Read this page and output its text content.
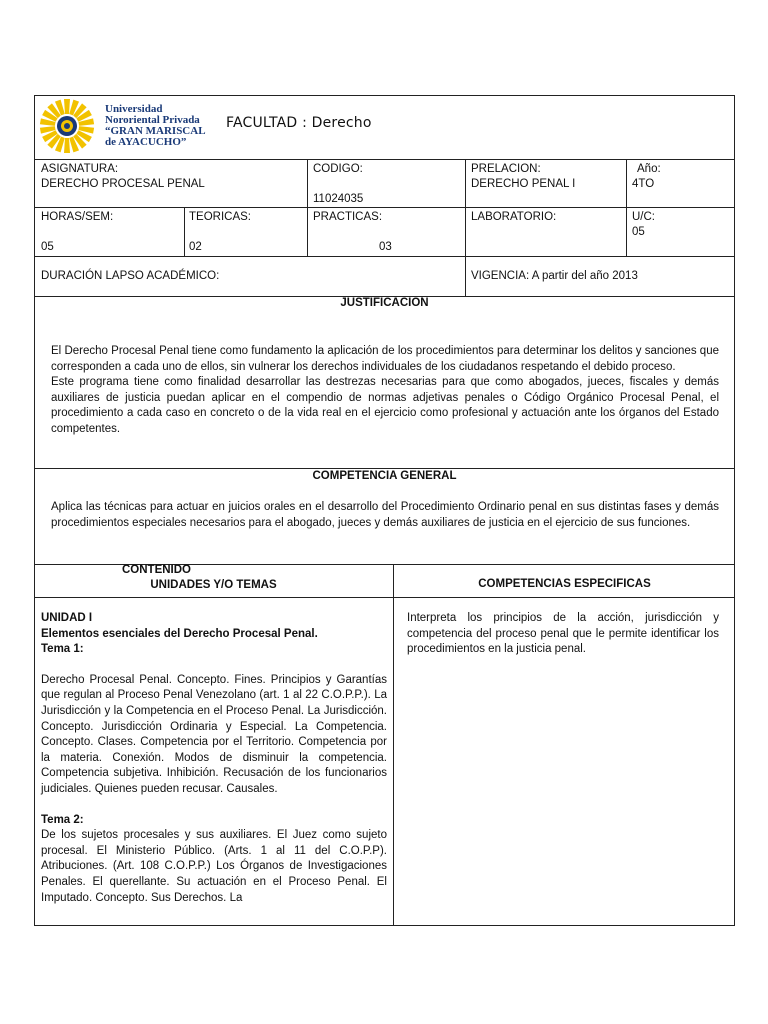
Universidad
Nororiental Privada
“GRAN MARISCAL
de AYACUCHO”
FACULTAD : Derecho
ASIGNATURA:
DERECHO PROCESAL PENAL
CODIGO:
11024035
PRELACION:
DERECHO PENAL I
Año:
4TO
HORAS/SEM:
05
TEORICAS:
02
PRACTICAS:
03
LABORATORIO:	U/C:
05
DURACIÓN LAPSO ACADÉMICO:	VIGENCIA: A partir del año 2013
JUSTIFICACION
El Derecho Procesal Penal tiene como fundamento la aplicación de los procedimientos para determinar los delitos y sanciones que corresponden a cada uno de ellos, sin vulnerar los derechos individuales de los ciudadanos respetando el debido proceso.
Este programa tiene como finalidad desarrollar las destrezas necesarias para que como abogados, jueces, fiscales y demás auxiliares de justicia puedan aplicar en el compendio de normas adjetivas penales o Código Orgánico Procesal Penal, el procedimiento a cada caso en concreto o de la vida real en el ejercicio como profesional y actuación ante los órganos del Estado competentes.
COMPETENCIA GENERAL
Aplica las técnicas para actuar en juicios orales en el desarrollo del Procedimiento Ordinario penal en sus distintas fases y demás procedimientos especiales necesarios para el abogado, jueces y demás auxiliares de justicia en el ejercicio de sus funciones.
CONTENIDO
UNIDADES Y/O TEMAS	COMPETENCIAS ESPECIFICAS
UNIDAD I
Elementos esenciales del Derecho Procesal Penal.
Tema 1:
Derecho Procesal Penal. Concepto. Fines. Principios y Garantías que regulan al Proceso Penal Venezolano (art. 1 al 22 C.O.P.P.). La Jurisdicción y la Competencia en el Proceso Penal. La Jurisdicción. Concepto. Jurisdicción Ordinaria y Especial. La Competencia. Concepto. Clases. Competencia por el Territorio. Competencia por la materia. Conexión. Modos de disminuir la competencia. Competencia subjetiva. Inhibición. Recusación de los funcionarios judiciales. Quienes pueden recusar. Causales.
Tema 2:
De los sujetos procesales y sus auxiliares. El Juez como sujeto procesal. El Ministerio Público. (Arts. 1 al 11 del C.O.P.P). Atribuciones. (Art. 108 C.O.P.P.) Los Órganos de Investigaciones Penales. El querellante. Su actuación en el Proceso Penal. El Imputado. Concepto. Sus Derechos. La
Interpreta los principios de la acción, jurisdicción y competencia del proceso penal que le permite identificar los procedimientos en la justicia penal.
